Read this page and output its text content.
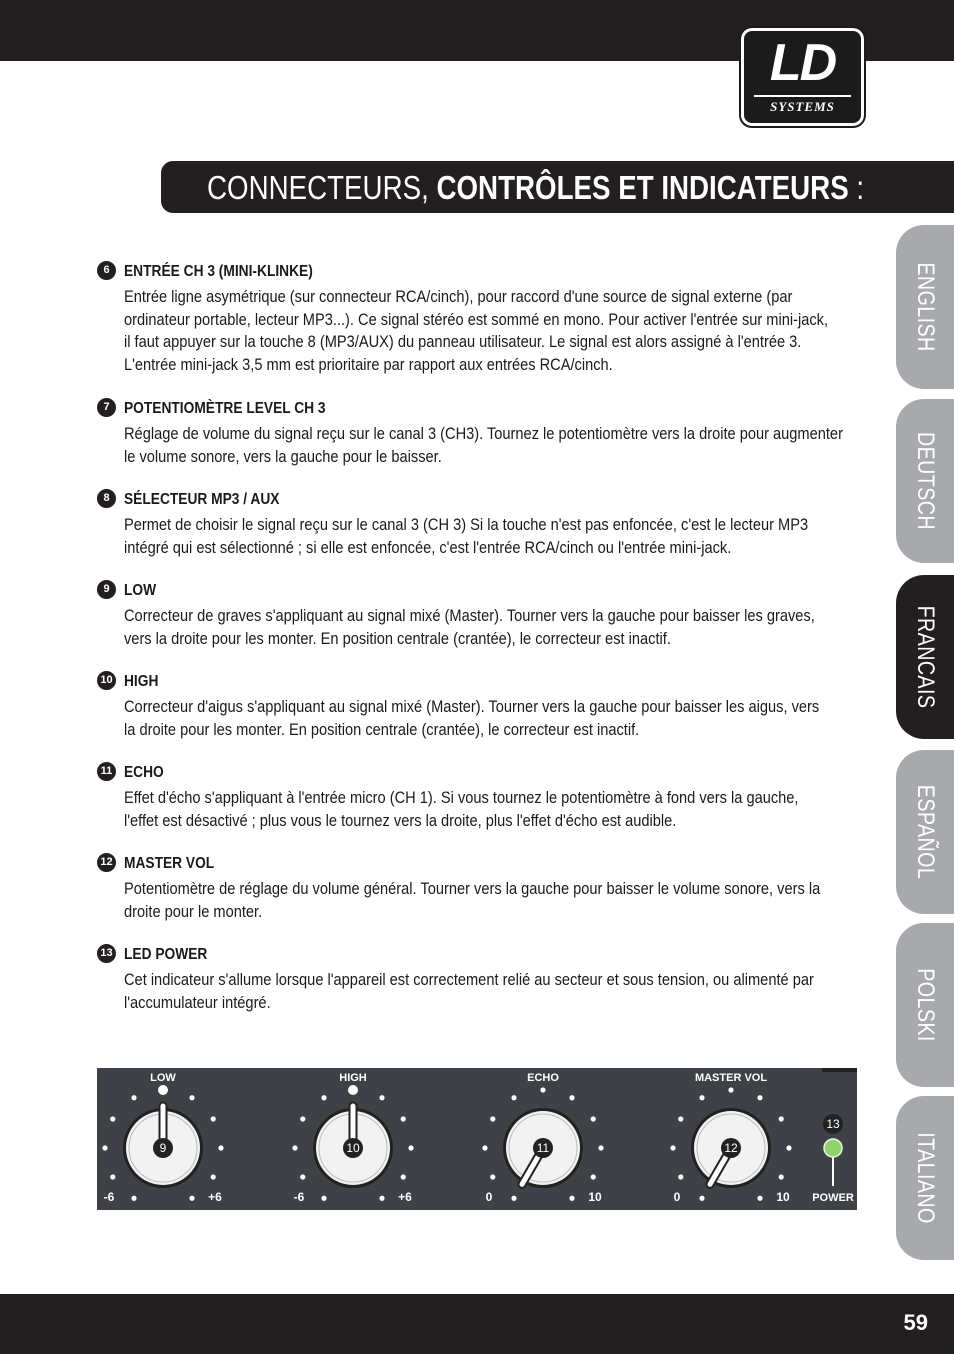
LD
SYSTEMS
CONNECTEURS, CONTRÔLES ET INDICATEURS :
ENGLISH
DEUTSCH
FRANCAIS
ESPAÑOL
POLSKI
ITALIANO
6 ENTRÉE CH 3 (MINI-KLINKE)
Entrée ligne asymétrique (sur connecteur RCA/cinch), pour raccord d'une source de signal externe (par
ordinateur portable, lecteur MP3...). Ce signal stéréo est sommé en mono. Pour activer l'entrée sur mini-jack,
il faut appuyer sur la touche 8 (MP3/AUX) du panneau utilisateur. Le signal est alors assigné à l'entrée 3.
L'entrée mini-jack 3,5 mm est prioritaire par rapport aux entrées RCA/cinch.
7 POTENTIOMÈTRE LEVEL CH 3
Réglage de volume du signal reçu sur le canal 3 (CH3). Tournez le potentiomètre vers la droite pour augmenter
le volume sonore, vers la gauche pour le baisser.
8 SÉLECTEUR MP3 / AUX
Permet de choisir le signal reçu sur le canal 3 (CH 3) Si la touche n'est pas enfoncée, c'est le lecteur MP3
intégré qui est sélectionné ; si elle est enfoncée, c'est l'entrée RCA/cinch ou l'entrée mini-jack.
9 LOW
Correcteur de graves s'appliquant au signal mixé (Master). Tourner vers la gauche pour baisser les graves,
vers la droite pour les monter. En position centrale (crantée), le correcteur est inactif.
10 HIGH
Correcteur d'aigus s'appliquant au signal mixé (Master). Tourner vers la gauche pour baisser les aigus, vers
la droite pour les monter. En position centrale (crantée), le correcteur est inactif.
11 ECHO
Effet d'écho s'appliquant à l'entrée micro (CH 1). Si vous tournez le potentiomètre à fond vers la gauche,
l'effet est désactivé ; plus vous le tournez vers la droite, plus l'effet d'écho est audible.
12 MASTER VOL
Potentiomètre de réglage du volume général. Tourner vers la gauche pour baisser le volume sonore, vers la
droite pour le monter.
13 LED POWER
Cet indicateur s'allume lorsque l'appareil est correctement relié au secteur et sous tension, ou alimenté par
l'accumulateur intégré.
LOW
9
-6	+6
HIGH
10
-6	+6
ECHO
11
0	10
MASTER VOL
12
0	10
13
POWER
59
